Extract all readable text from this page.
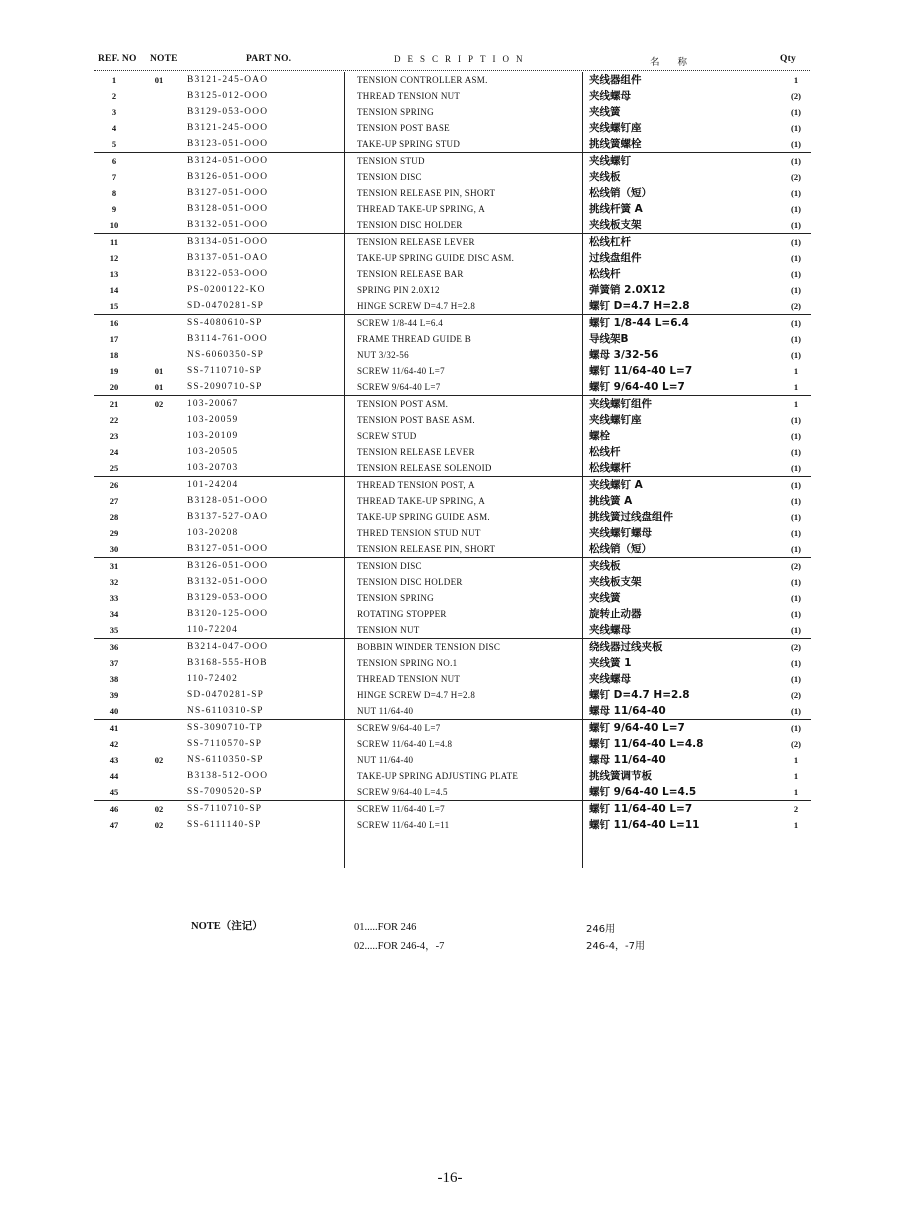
REF. NO NOTE	PART NO.	DESCRIPTION	名称	Qty
1	01	B3121-245-OAO	TENSION CONTROLLER ASM.	夹线器组件	1
2		B3125-012-OOO	THREAD TENSION NUT	夹线螺母	(2)
3		B3129-053-OOO	TENSION SPRING	夹线簧	(1)
4		B3121-245-OOO	TENSION POST BASE	夹线螺钉座	(1)
5		B3123-051-OOO	TAKE-UP SPRING STUD	挑线簧螺栓	(1)
6		B3124-051-OOO	TENSION STUD	夹线螺钉	(1)
7		B3126-051-OOO	TENSION DISC	夹线板	(2)
8		B3127-051-OOO	TENSION RELEASE PIN, SHORT	松线销（短）	(1)
9		B3128-051-OOO	THREAD TAKE-UP SPRING, A	挑线杆簧 A	(1)
10		B3132-051-OOO	TENSION DISC HOLDER	夹线板支架	(1)
11		B3134-051-OOO	TENSION RELEASE LEVER	松线杠杆	(1)
12		B3137-051-OAO	TAKE-UP SPRING GUIDE DISC ASM.	过线盘组件	(1)
13		B3122-053-OOO	TENSION RELEASE BAR	松线杆	(1)
14		PS-0200122-KO	SPRING PIN 2.0X12	弹簧销 2.0X12	(1)
15		SD-0470281-SP	HINGE SCREW D=4.7 H=2.8	螺钉 D=4.7 H=2.8	(2)
16		SS-4080610-SP	SCREW 1/8-44 L=6.4	螺钉 1/8-44 L=6.4	(1)
17		B3114-761-OOO	FRAME THREAD GUIDE B	导线架B	(1)
18		NS-6060350-SP	NUT 3/32-56	螺母 3/32-56	(1)
19	01	SS-7110710-SP	SCREW 11/64-40 L=7	螺钉 11/64-40 L=7	1
20	01	SS-2090710-SP	SCREW 9/64-40 L=7	螺钉 9/64-40 L=7	1
21	02	103-20067	TENSION POST ASM.	夹线螺钉组件	1
22		103-20059	TENSION POST BASE ASM.	夹线螺钉座	(1)
23		103-20109	SCREW STUD	螺栓	(1)
24		103-20505	TENSION RELEASE LEVER	松线杆	(1)
25		103-20703	TENSION RELEASE SOLENOID	松线螺杆	(1)
26		101-24204	THREAD TENSION POST, A	夹线螺钉 A	(1)
27		B3128-051-OOO	THREAD TAKE-UP SPRING, A	挑线簧 A	(1)
28		B3137-527-OAO	TAKE-UP SPRING GUIDE ASM.	挑线簧过线盘组件	(1)
29		103-20208	THRED TENSION STUD NUT	夹线螺钉螺母	(1)
30		B3127-051-OOO	TENSION RELEASE PIN, SHORT	松线销（短）	(1)
31		B3126-051-OOO	TENSION DISC	夹线板	(2)
32		B3132-051-OOO	TENSION DISC HOLDER	夹线板支架	(1)
33		B3129-053-OOO	TENSION SPRING	夹线簧	(1)
34		B3120-125-OOO	ROTATING STOPPER	旋转止动器	(1)
35		110-72204	TENSION NUT	夹线螺母	(1)
36		B3214-047-OOO	BOBBIN WINDER TENSION DISC	绕线器过线夹板	(2)
37		B3168-555-HOB	TENSION SPRING NO.1	夹线簧 1	(1)
38		110-72402	THREAD TENSION NUT	夹线螺母	(1)
39		SD-0470281-SP	HINGE SCREW D=4.7 H=2.8	螺钉 D=4.7 H=2.8	(2)
40		NS-6110310-SP	NUT 11/64-40	螺母 11/64-40	(1)
41		SS-3090710-TP	SCREW 9/64-40 L=7	螺钉 9/64-40 L=7	(1)
42		SS-7110570-SP	SCREW 11/64-40 L=4.8	螺钉 11/64-40 L=4.8	(2)
43	02	NS-6110350-SP	NUT 11/64-40	螺母 11/64-40	1
44		B3138-512-OOO	TAKE-UP SPRING ADJUSTING PLATE	挑线簧调节板	1
45		SS-7090520-SP	SCREW 9/64-40 L=4.5	螺钉 9/64-40 L=4.5	1
46	02	SS-7110710-SP	SCREW 11/64-40 L=7	螺钉 11/64-40 L=7	2
47	02	SS-6111140-SP	SCREW 11/64-40 L=11	螺钉 11/64-40 L=11	1
NOTE（注记）	01.....FOR 246	246用
02.....FOR 246-4，-7	246-4，-7用
-16-
